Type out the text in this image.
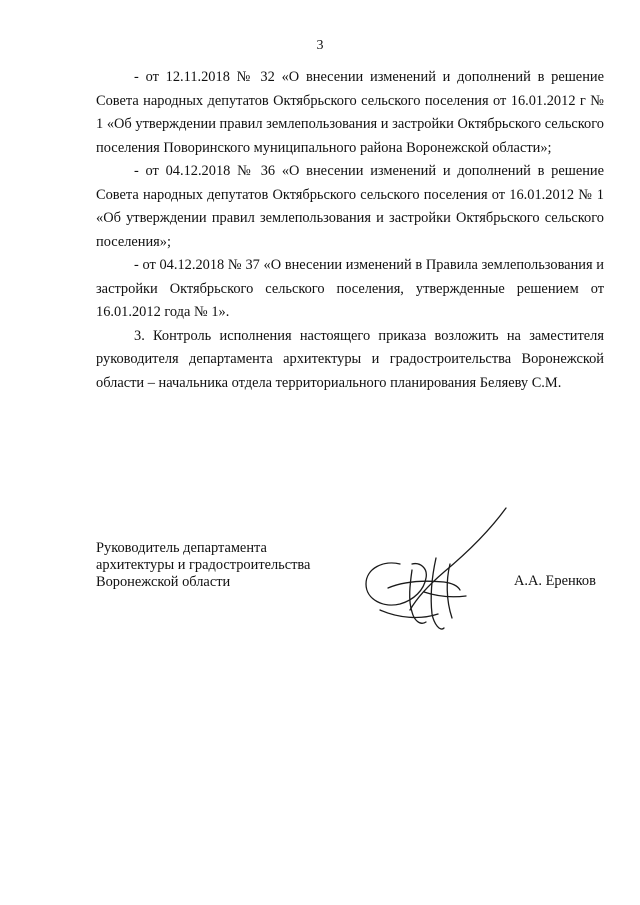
3

- от 12.11.2018 № 32 «О внесении изменений и дополнений в решение Совета народных депутатов Октябрьского сельского поселения от 16.01.2012 г № 1 «Об утверждении правил землепользования и застройки Октябрьского сельского поселения Поворинского муниципального района Воронежской области»;

- от 04.12.2018 № 36 «О внесении изменений и дополнений в решение Совета народных депутатов Октябрьского сельского поселения от 16.01.2012 № 1 «Об утверждении правил землепользования и застройки Октябрьского сельского поселения»;

- от 04.12.2018 № 37 «О внесении изменений в Правила землепользования и застройки Октябрьского сельского поселения, утвержденные решением от 16.01.2012 года № 1».

3. Контроль исполнения настоящего приказа возложить на заместителя руководителя департамента архитектуры и градостроительства Воронежской области – начальника отдела территориального планирования Беляеву С.М.

Руководитель департамента
архитектуры и градостроительства
Воронежской области	А.А. Еренков
